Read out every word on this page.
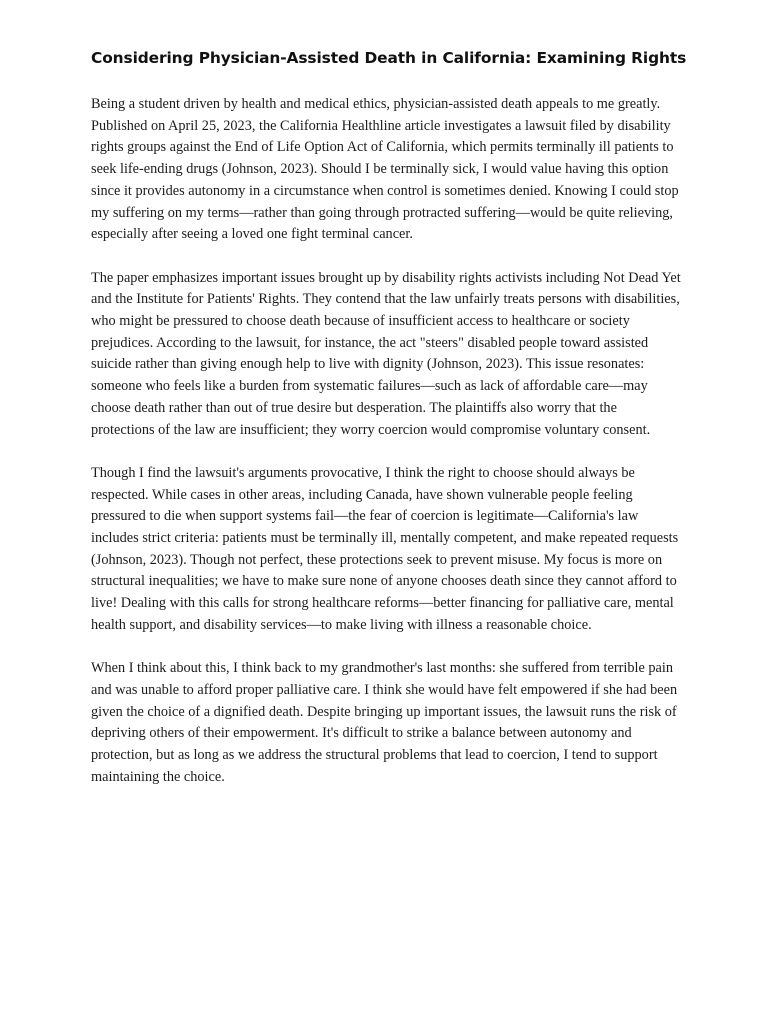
Considering Physician-Assisted Death in California: Examining Rights

Being a student driven by health and medical ethics, physician-assisted death appeals to me greatly. Published on April 25, 2023, the California Healthline article investigates a lawsuit filed by disability rights groups against the End of Life Option Act of California, which permits terminally ill patients to seek life-ending drugs (Johnson, 2023). Should I be terminally sick, I would value having this option since it provides autonomy in a circumstance when control is sometimes denied. Knowing I could stop my suffering on my terms—rather than going through protracted suffering—would be quite relieving, especially after seeing a loved one fight terminal cancer.

The paper emphasizes important issues brought up by disability rights activists including Not Dead Yet and the Institute for Patients' Rights. They contend that the law unfairly treats persons with disabilities, who might be pressured to choose death because of insufficient access to healthcare or society prejudices. According to the lawsuit, for instance, the act "steers" disabled people toward assisted suicide rather than giving enough help to live with dignity (Johnson, 2023). This issue resonates: someone who feels like a burden from systematic failures—such as lack of affordable care—may choose death rather than out of true desire but desperation. The plaintiffs also worry that the protections of the law are insufficient; they worry coercion would compromise voluntary consent.

Though I find the lawsuit's arguments provocative, I think the right to choose should always be respected. While cases in other areas, including Canada, have shown vulnerable people feeling pressured to die when support systems fail—the fear of coercion is legitimate—California's law includes strict criteria: patients must be terminally ill, mentally competent, and make repeated requests (Johnson, 2023). Though not perfect, these protections seek to prevent misuse. My focus is more on structural inequalities; we have to make sure none of anyone chooses death since they cannot afford to live! Dealing with this calls for strong healthcare reforms—better financing for palliative care, mental health support, and disability services—to make living with illness a reasonable choice.

When I think about this, I think back to my grandmother's last months: she suffered from terrible pain and was unable to afford proper palliative care. I think she would have felt empowered if she had been given the choice of a dignified death. Despite bringing up important issues, the lawsuit runs the risk of depriving others of their empowerment. It's difficult to strike a balance between autonomy and protection, but as long as we address the structural problems that lead to coercion, I tend to support maintaining the choice.
